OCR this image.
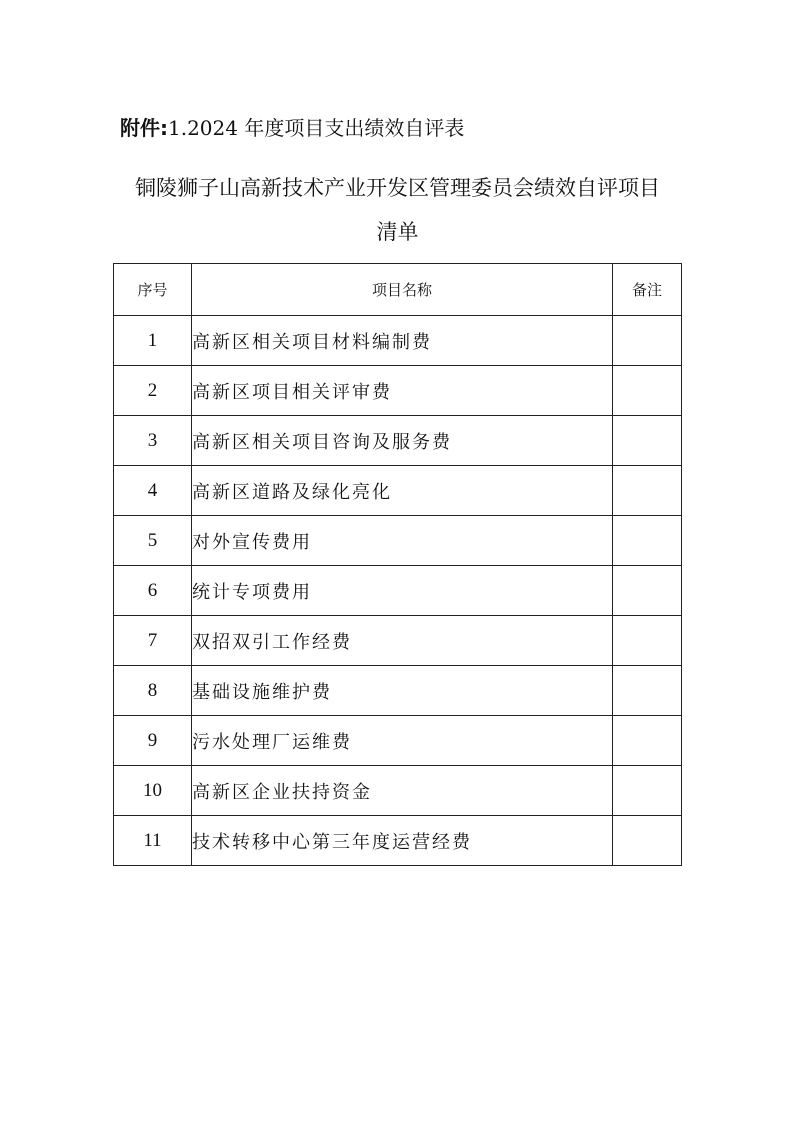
附件:1.2024 年度项目支出绩效自评表
铜陵狮子山高新技术产业开发区管理委员会绩效自评项目
清单
序号	项目名称	备注
1	高新区相关项目材料编制费	
2	高新区项目相关评审费	
3	高新区相关项目咨询及服务费	
4	高新区道路及绿化亮化	
5	对外宣传费用	
6	统计专项费用	
7	双招双引工作经费	
8	基础设施维护费	
9	污水处理厂运维费	
10	高新区企业扶持资金	
11	技术转移中心第三年度运营经费	
